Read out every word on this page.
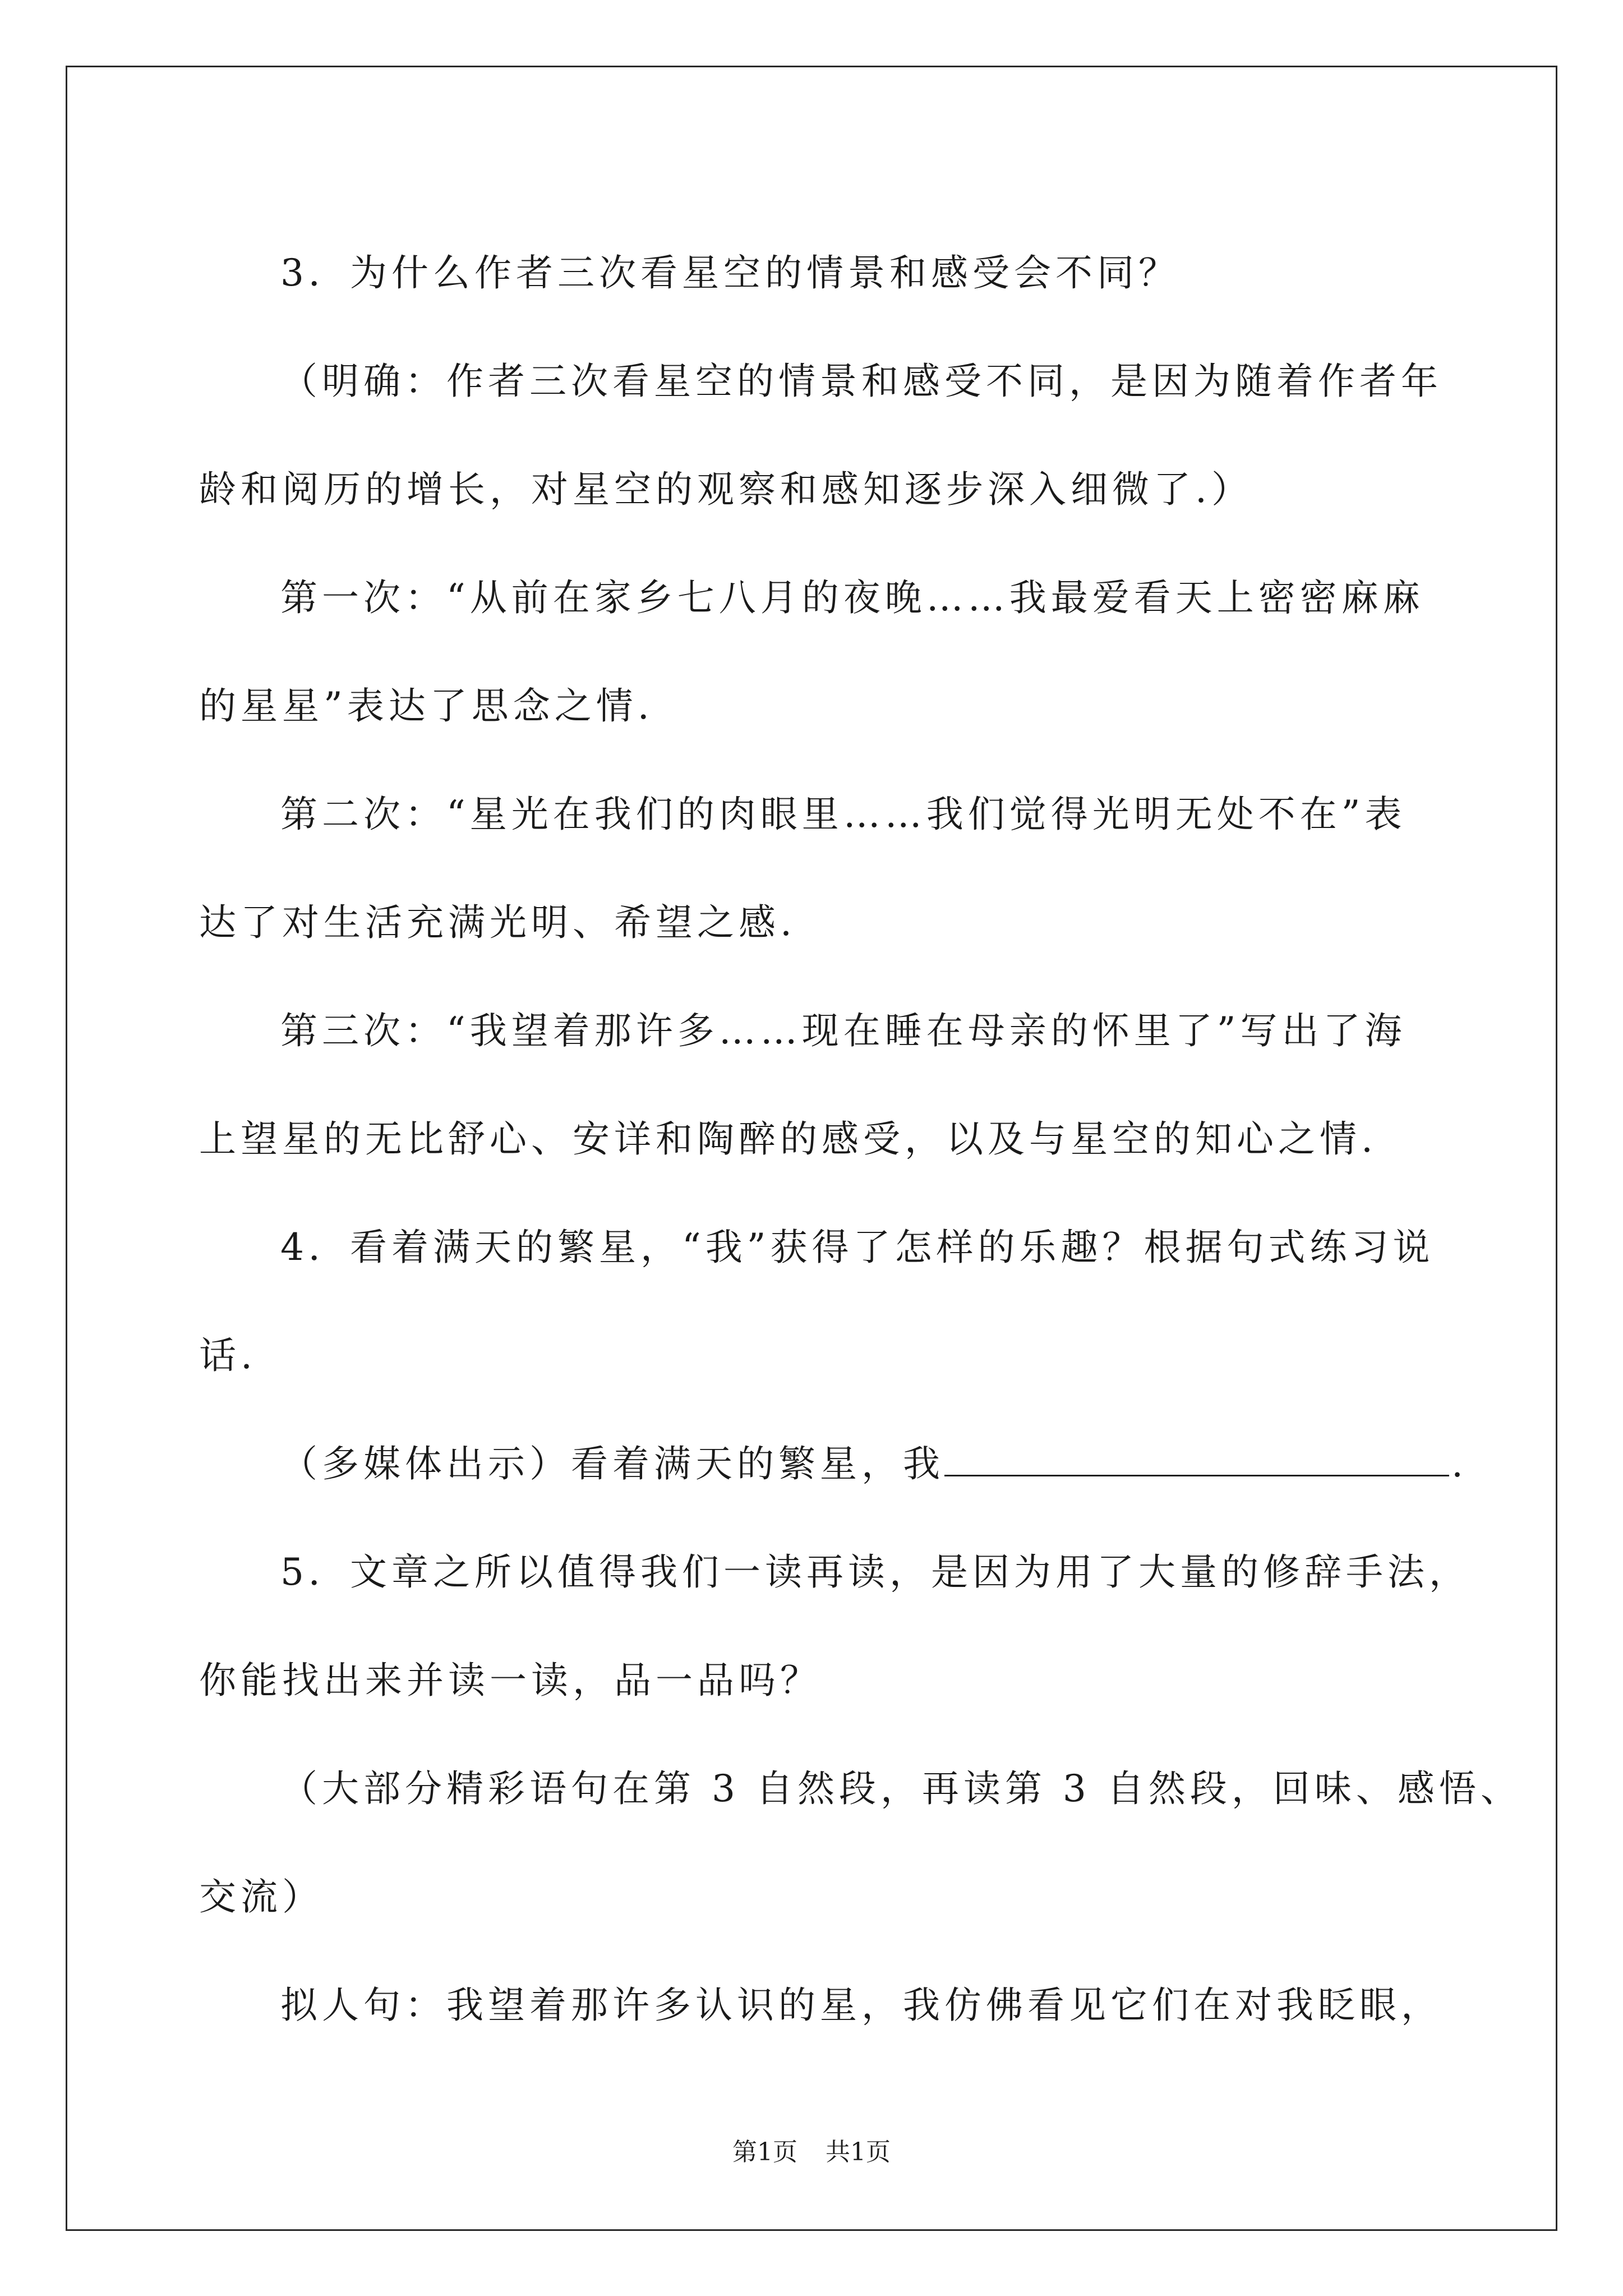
3．为什么作者三次看星空的情景和感受会不同？

（明确：作者三次看星空的情景和感受不同，是因为随着作者年

龄和阅历的增长，对星空的观察和感知逐步深入细微了.）

第一次：“从前在家乡七八月的夜晚……我最爱看天上密密麻麻

的星星”表达了思念之情.

第二次：“星光在我们的肉眼里……我们觉得光明无处不在”表

达了对生活充满光明、希望之感.

第三次：“我望着那许多……现在睡在母亲的怀里了”写出了海

上望星的无比舒心、安详和陶醉的感受，以及与星空的知心之情.

4．看着满天的繁星，“我”获得了怎样的乐趣？根据句式练习说

话.

（多媒体出示）看着满天的繁星，我	.

5．文章之所以值得我们一读再读，是因为用了大量的修辞手法，

你能找出来并读一读，品一品吗？

（大部分精彩语句在第 3 自然段，再读第 3 自然段，回味、感悟、

交流）

拟人句：我望着那许多认识的星，我仿佛看见它们在对我眨眼，

第1页 共1页
